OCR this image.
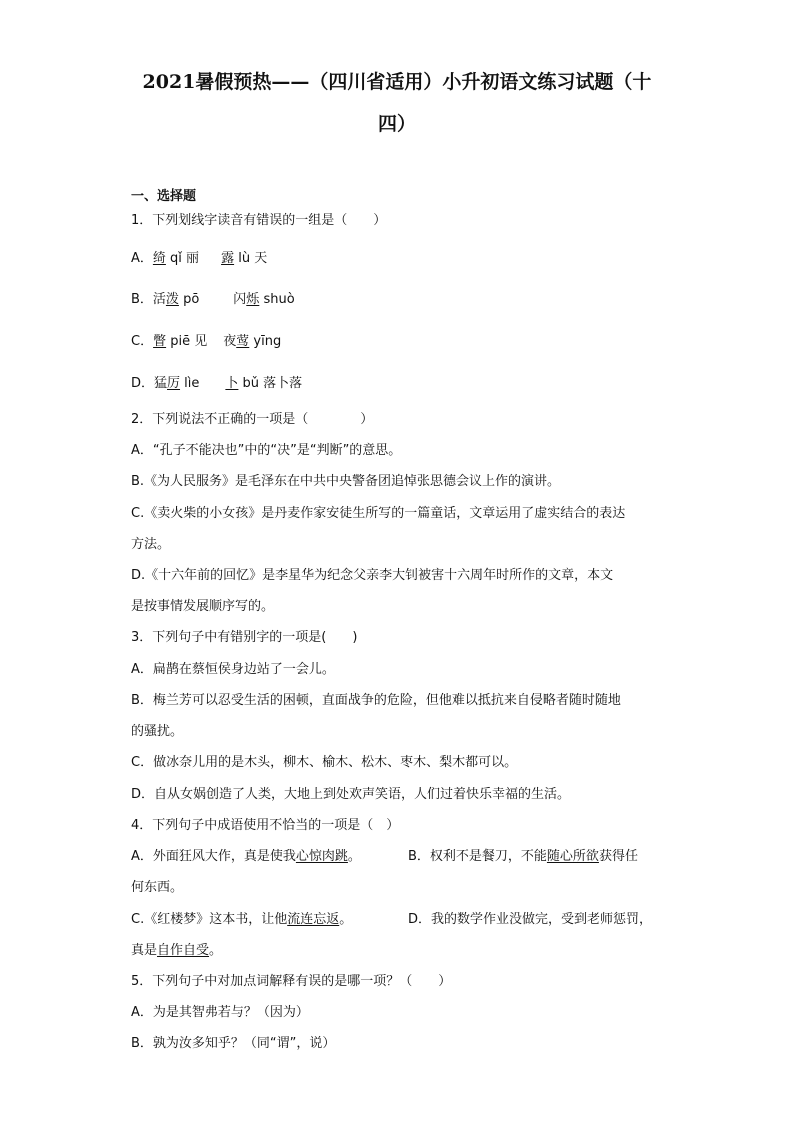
2021暑假预热——（四川省适用）小升初语文练习试题（十
四）
一、选择题
1．下列划线字读音有错误的一组是（　　）
A．绮 qǐ 丽 露 lù 天
B．活泼 pō	闪烁 shuò
C．瞥 piē 见 夜莺 yīng
D．猛厉 lìe 卜 bǔ 落卜落
2．下列说法不正确的一项是（　　　　）
A．“孔子不能决也”中的“决”是“判断”的意思。
B.《为人民服务》是毛泽东在中共中央警备团追悼张思德会议上作的演讲。
C.《卖火柴的小女孩》是丹麦作家安徒生所写的一篇童话，文章运用了虚实结合的表达
方法。
D.《十六年前的回忆》是李星华为纪念父亲李大钊被害十六周年时所作的文章，本文
是按事情发展顺序写的。
3．下列句子中有错别字的一项是(　　)
A．扁鹊在蔡恒侯身边站了一会儿。
B．梅兰芳可以忍受生活的困顿，直面战争的危险，但他难以抵抗来自侵略者随时随地
的骚扰。
C．做冰奈儿用的是木头，柳木、榆木、松木、枣木、梨木都可以。
D．自从女娲创造了人类，大地上到处欢声笑语，人们过着快乐幸福的生活。
4．下列句子中成语使用不恰当的一项是（　）
A．外面狂风大作，真是使我心惊肉跳。	B．权利不是餐刀，不能随心所欲获得任
何东西。
C.《红楼梦》这本书，让他流连忘返。	D．我的数学作业没做完，受到老师惩罚，
真是自作自受。
5．下列句子中对加点词解释有误的是哪一项？（　　）
A．为是其智弗若与？（因为）
B．孰为汝多知乎？（同“谓”，说）
